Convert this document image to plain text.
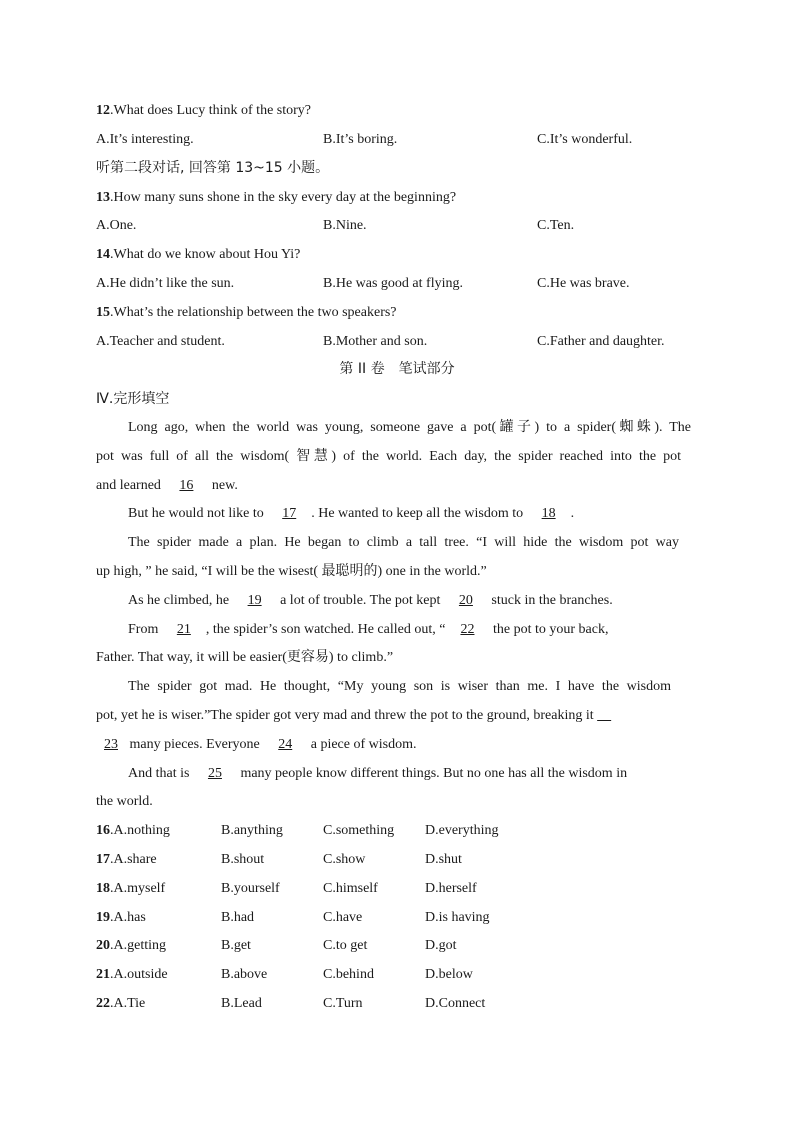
12.What does Lucy think of the story?
A.It’s interesting.	B.It’s boring.	C.It’s wonderful.
听第二段对话, 回答第 13~15 小题。
13.How many suns shone in the sky every day at the beginning?
A.One.	B.Nine.	C.Ten.
14.What do we know about Hou Yi?
A.He didn’t like the sun.	B.He was good at flying.	C.He was brave.
15.What’s the relationship between the two speakers?
A.Teacher and student.	B.Mother and son.	C.Father and daughter.
第 II 卷　笔试部分
Ⅳ.完形填空
Long ago, when the world was young, someone gave a pot(罐子) to a spider(蜘蛛). The
pot was full of all the wisdom( 智慧) of the world. Each day, the spider reached into the pot
and learned 16 new.
But he would not like to 17 . He wanted to keep all the wisdom to 18 .
The spider made a plan. He began to climb a tall tree. “I will hide the wisdom pot way
up high, ” he said, “I will be the wisest( 最聪明的) one in the world.”
As he climbed, he 19 a lot of trouble. The pot kept 20 stuck in the branches.
From 21 , the spider’s son watched. He called out, “ 22 the pot to your back,
Father. That way, it will be easier(更容易) to climb.”
The spider got mad. He thought, “My young son is wiser than me. I have the wisdom
pot, yet he is wiser.”The spider got very mad and threw the pot to the ground, breaking it
23 many pieces. Everyone 24 a piece of wisdom.
And that is 25 many people know different things. But no one has all the wisdom in
the world.
16.A.nothing	B.anything	C.something D.everything
17.A.share	B.shout	C.show	D.shut
18.A.myself	B.yourself	C.himself	D.herself
19.A.has	B.had	C.have	D.is having
20.A.getting	B.get	C.to get	D.got
21.A.outside	B.above	C.behind	D.below
22.A.Tie	B.Lead	C.Turn	D.Connect
